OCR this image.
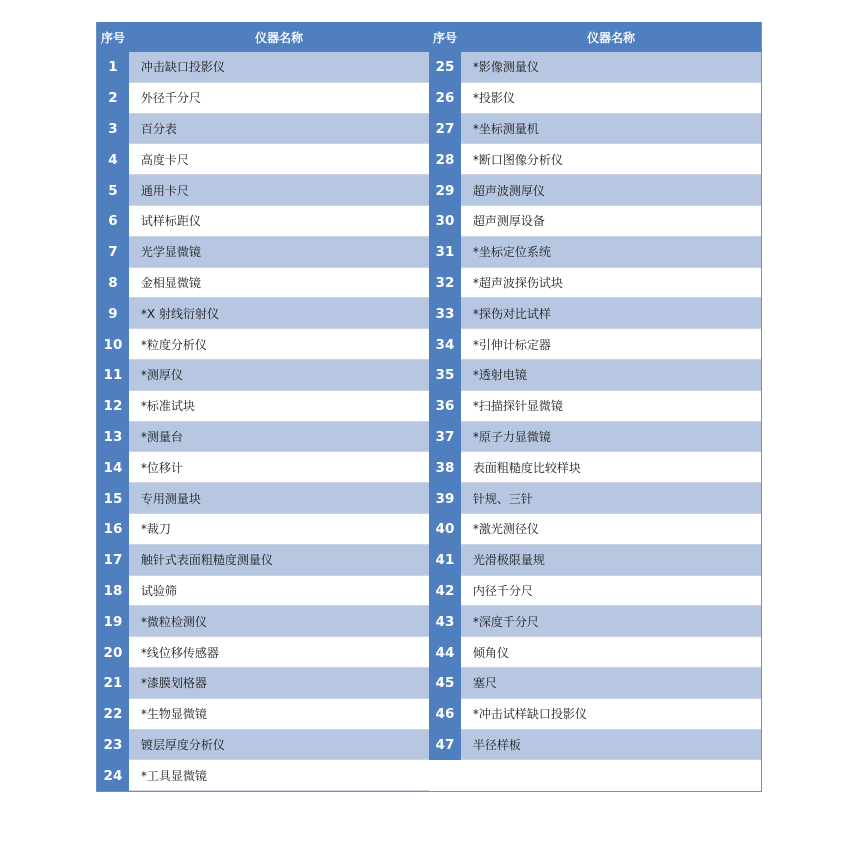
序号	仪器名称	序号	仪器名称
1	冲击缺口投影仪	25	*影像测量仪
2	外径千分尺	26	*投影仪
3	百分表	27	*坐标测量机
4	高度卡尺	28	*断口图像分析仪
5	通用卡尺	29	超声波测厚仪
6	试样标距仪	30	超声测厚设备
7	光学显微镜	31	*坐标定位系统
8	金相显微镜	32	*超声波探伤试块
9	*X 射线衍射仪	33	*探伤对比试样
10	*粒度分析仪	34	*引伸计标定器
11	*测厚仪	35	*透射电镜
12	*标准试块	36	*扫描探针显微镜
13	*测量台	37	*原子力显微镜
14	*位移计	38	表面粗糙度比较样块
15	专用测量块	39	针规、三针
16	*裁刀	40	*激光测径仪
17	触针式表面粗糙度测量仪	41	光滑极限量规
18	试验筛	42	内径千分尺
19	*微粒检测仪	43	*深度千分尺
20	*线位移传感器	44	倾角仪
21	*漆膜划格器	45	塞尺
22	*生物显微镜	46	*冲击试样缺口投影仪
23	镀层厚度分析仪	47	半径样板
24	*工具显微镜
